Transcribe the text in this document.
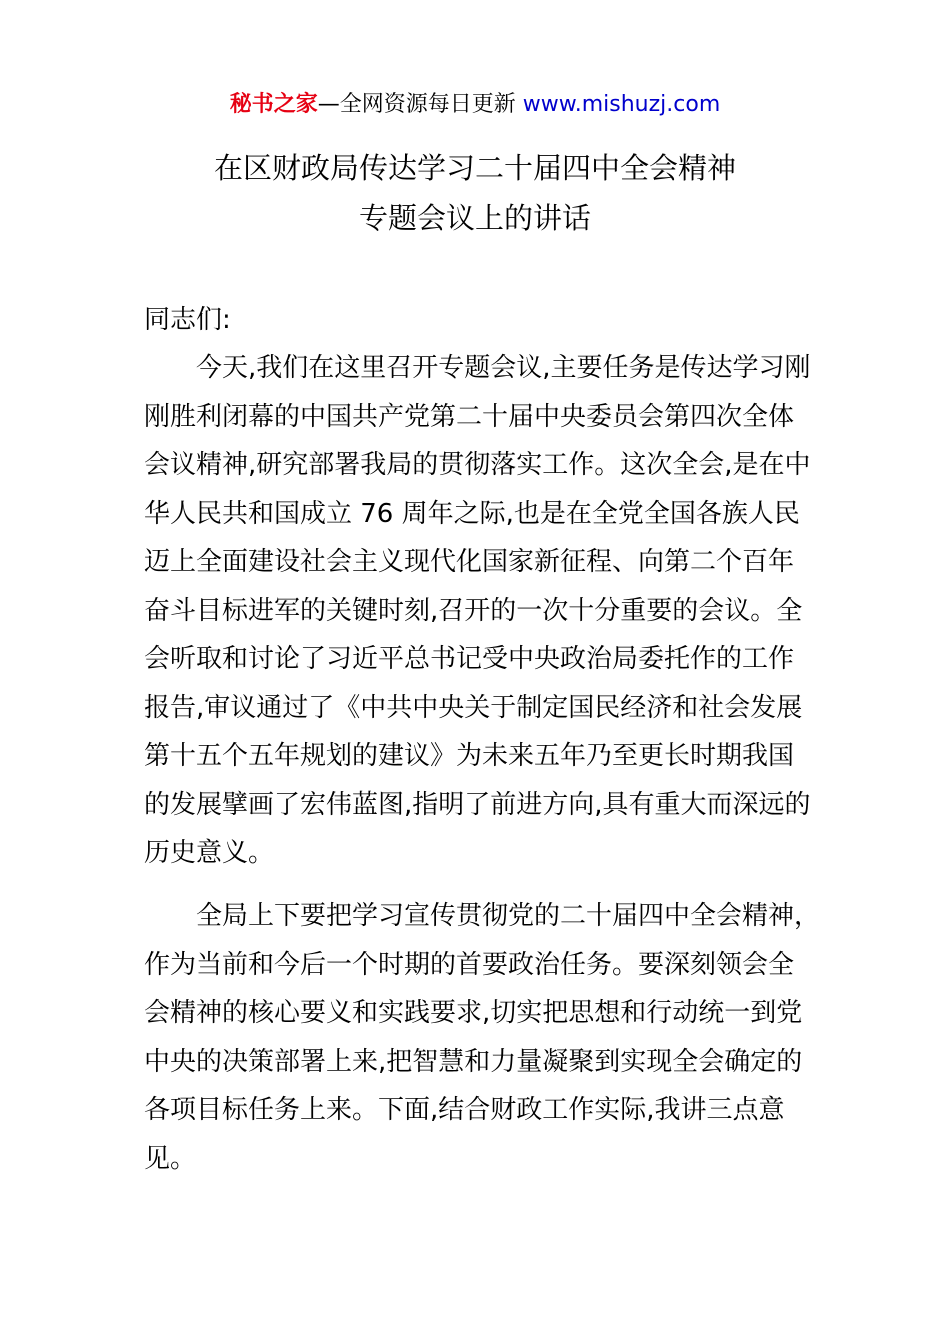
秘书之家—全网资源每日更新 www.mishuzj.com
在区财政局传达学习二十届四中全会精神
专题会议上的讲话
同志们:
今天,我们在这里召开专题会议,主要任务是传达学习刚
刚胜利闭幕的中国共产党第二十届中央委员会第四次全体
会议精神,研究部署我局的贯彻落实工作。这次全会,是在中
华人民共和国成立 76 周年之际,也是在全党全国各族人民
迈上全面建设社会主义现代化国家新征程、向第二个百年
奋斗目标进军的关键时刻,召开的一次十分重要的会议。全
会听取和讨论了习近平总书记受中央政治局委托作的工作
报告,审议通过了《中共中央关于制定国民经济和社会发展
第十五个五年规划的建议》为未来五年乃至更长时期我国
的发展擘画了宏伟蓝图,指明了前进方向,具有重大而深远的
历史意义。
全局上下要把学习宣传贯彻党的二十届四中全会精神，
作为当前和今后一个时期的首要政治任务。要深刻领会全
会精神的核心要义和实践要求,切实把思想和行动统一到党
中央的决策部署上来,把智慧和力量凝聚到实现全会确定的
各项目标任务上来。下面,结合财政工作实际,我讲三点意
见。
